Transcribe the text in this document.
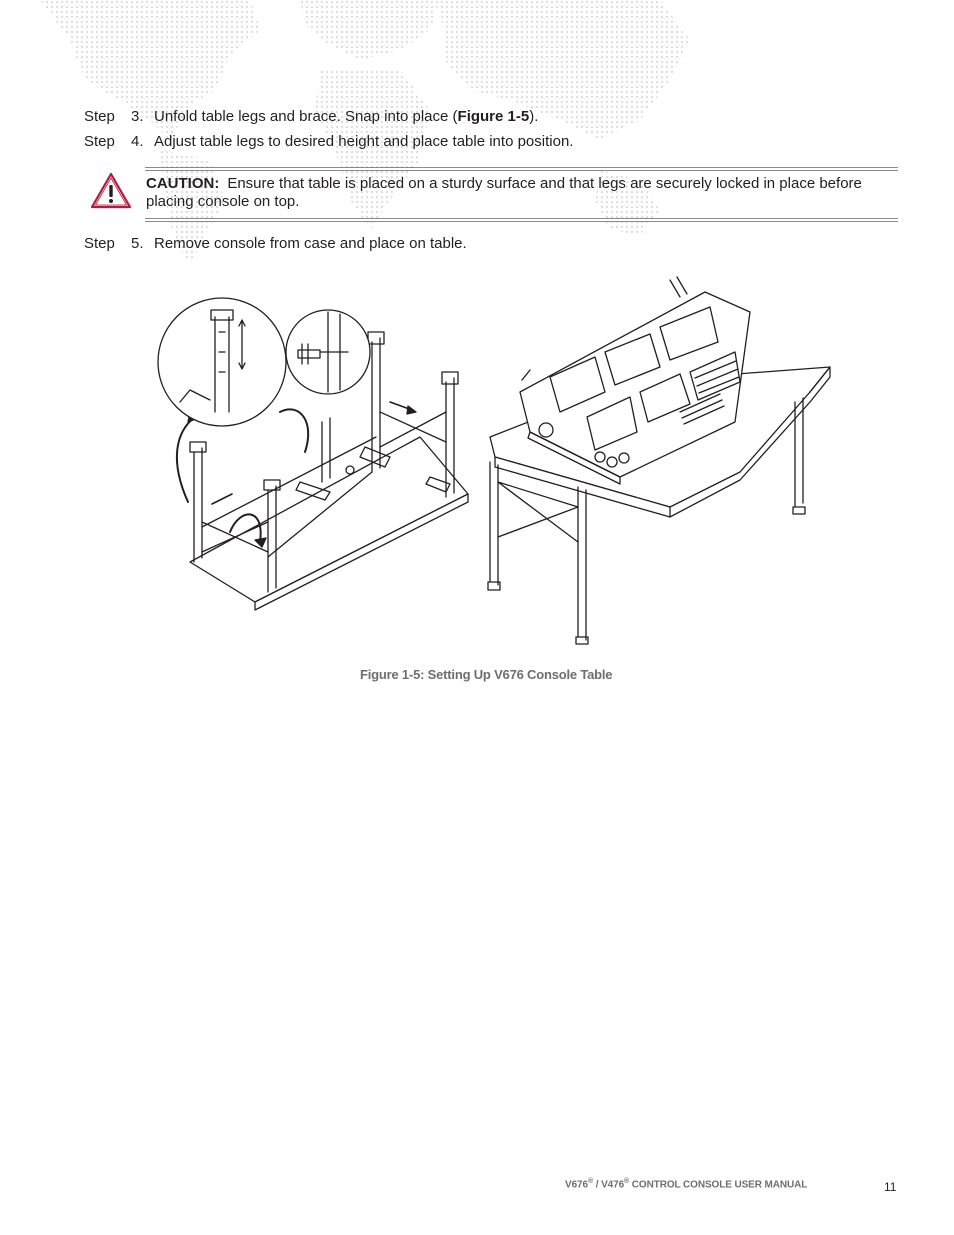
Step 3. Unfold table legs and brace. Snap into place (Figure 1-5).
Step 4. Adjust table legs to desired height and place table into position.
CAUTION: Ensure that table is placed on a sturdy surface and that legs are securely locked in place before placing console on top.
Step 5. Remove console from case and place on table.
Figure 1-5: Setting Up V676 Console Table
V676® / V476® CONTROL CONSOLE USER MANUAL	11
